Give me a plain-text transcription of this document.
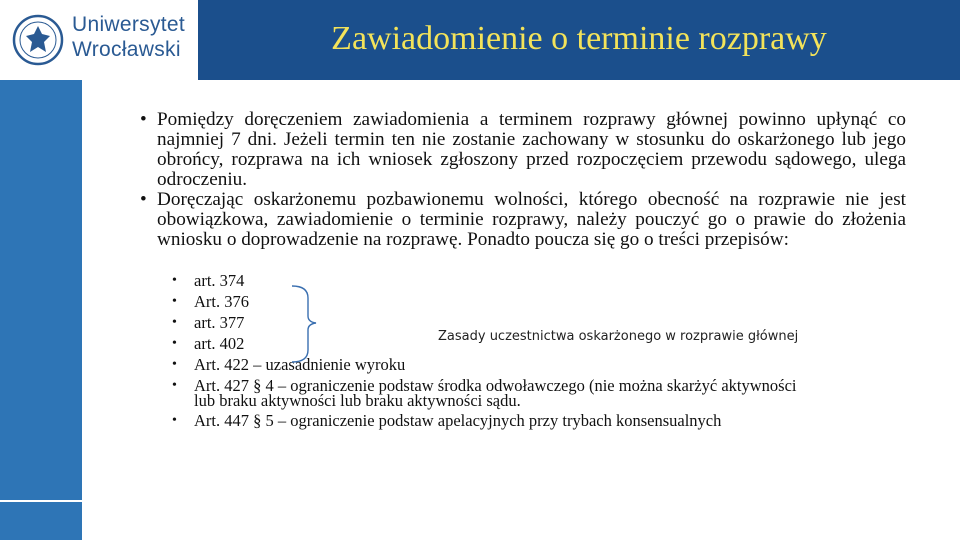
Uniwersytet
Wrocławski	Zawiadomienie o terminie rozprawy
• Pomiędzy doręczeniem zawiadomienia a terminem rozprawy głównej powinno upłynąć co najmniej 7 dni. Jeżeli termin ten nie zostanie zachowany w stosunku do oskarżonego lub jego obrońcy, rozprawa na ich wniosek zgłoszony przed rozpoczęciem przewodu sądowego, ulega odroczeniu.
• Doręczając oskarżonemu pozbawionemu wolności, którego obecność na rozprawie nie jest obowiązkowa, zawiadomienie o terminie rozprawy, należy pouczyć go o prawie do złożenia wniosku o doprowadzenie na rozprawę. Ponadto poucza się go o treści przepisów:
• art. 374
• Art. 376
• art. 377
• art. 402
• Art. 422 – uzasadnienie wyroku
• Art. 427 § 4 – ograniczenie podstaw środka odwoławczego (nie można skarżyć aktywności
lub braku aktywności lub braku aktywności sądu.
• Art. 447 § 5 – ograniczenie podstaw apelacyjnych przy trybach konsensualnych
Zasady uczestnictwa oskarżonego w rozprawie głównej
